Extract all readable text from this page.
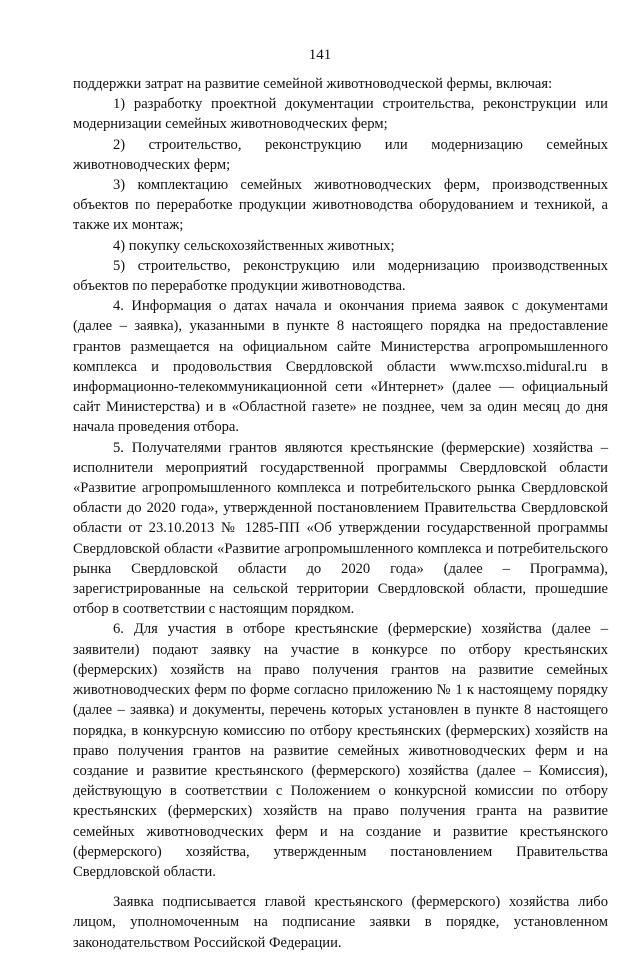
141

поддержки затрат на развитие семейной животноводческой фермы, включая:

1) разработку проектной документации строительства, реконструкции или модернизации семейных животноводческих ферм;

2) строительство, реконструкцию или модернизацию семейных животноводческих ферм;

3) комплектацию семейных животноводческих ферм, производственных объектов по переработке продукции животноводства оборудованием и техникой, а также их монтаж;

4) покупку сельскохозяйственных животных;

5) строительство, реконструкцию или модернизацию производственных объектов по переработке продукции животноводства.

4. Информация о датах начала и окончания приема заявок с документами (далее – заявка), указанными в пункте 8 настоящего порядка на предоставление грантов размещается на официальном сайте Министерства агропромышленного комплекса и продовольствия Свердловской области www.mcxso.midural.ru в информационно-телекоммуникационной сети «Интернет» (далее — официальный сайт Министерства) и в «Областной газете» не позднее, чем за один месяц до дня начала проведения отбора.

5. Получателями грантов являются крестьянские (фермерские) хозяйства – исполнители мероприятий государственной программы Свердловской области «Развитие агропромышленного комплекса и потребительского рынка Свердловской области до 2020 года», утвержденной постановлением Правительства Свердловской области от 23.10.2013 № 1285-ПП «Об утверждении государственной программы Свердловской области «Развитие агропромышленного комплекса и потребительского рынка Свердловской области до 2020 года» (далее – Программа), зарегистрированные на сельской территории Свердловской области, прошедшие отбор в соответствии с настоящим порядком.

6. Для участия в отборе крестьянские (фермерские) хозяйства (далее – заявители) подают заявку на участие в конкурсе по отбору крестьянских (фермерских) хозяйств на право получения грантов на развитие семейных животноводческих ферм по форме согласно приложению № 1 к настоящему порядку (далее – заявка) и документы, перечень которых установлен в пункте 8 настоящего порядка, в конкурсную комиссию по отбору крестьянских (фермерских) хозяйств на право получения грантов на развитие семейных животноводческих ферм и на создание и развитие крестьянского (фермерского) хозяйства (далее – Комиссия), действующую в соответствии с Положением о конкурсной комиссии по отбору крестьянских (фермерских) хозяйств на право получения гранта на развитие семейных животноводческих ферм и на создание и развитие крестьянского (фермерского) хозяйства, утвержденным постановлением Правительства Свердловской области.

Заявка подписывается главой крестьянского (фермерского) хозяйства либо лицом, уполномоченным на подписание заявки в порядке, установленном законодательством Российской Федерации.
